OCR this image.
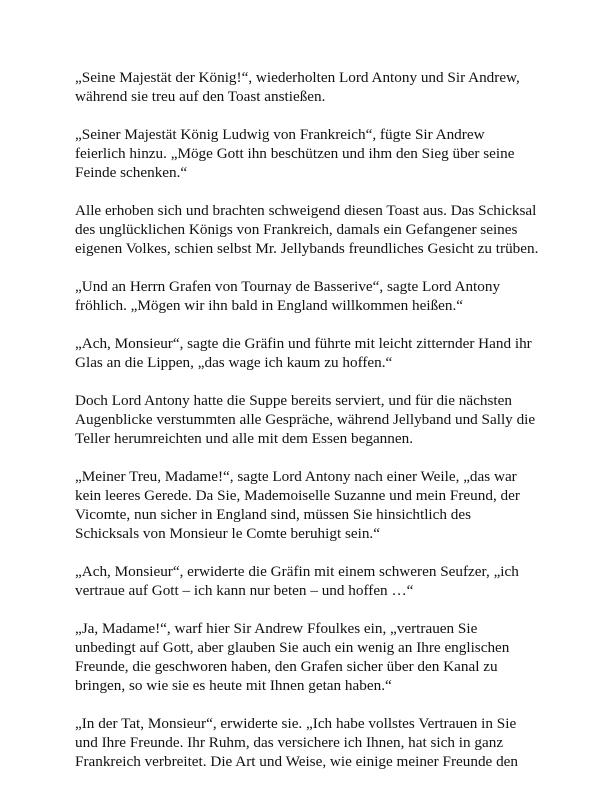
„Seine Majestät der König!“, wiederholten Lord Antony und Sir Andrew,
während sie treu auf den Toast anstießen.

„Seiner Majestät König Ludwig von Frankreich“, fügte Sir Andrew
feierlich hinzu. „Möge Gott ihn beschützen und ihm den Sieg über seine
Feinde schenken.“

Alle erhoben sich und brachten schweigend diesen Toast aus. Das Schicksal
des unglücklichen Königs von Frankreich, damals ein Gefangener seines
eigenen Volkes, schien selbst Mr. Jellybands freundliches Gesicht zu trüben.

„Und an Herrn Grafen von Tournay de Basserive“, sagte Lord Antony
fröhlich. „Mögen wir ihn bald in England willkommen heißen.“

„Ach, Monsieur“, sagte die Gräfin und führte mit leicht zitternder Hand ihr
Glas an die Lippen, „das wage ich kaum zu hoffen.“

Doch Lord Antony hatte die Suppe bereits serviert, und für die nächsten
Augenblicke verstummten alle Gespräche, während Jellyband und Sally die
Teller herumreichten und alle mit dem Essen begannen.

„Meiner Treu, Madame!“, sagte Lord Antony nach einer Weile, „das war
kein leeres Gerede. Da Sie, Mademoiselle Suzanne und mein Freund, der
Vicomte, nun sicher in England sind, müssen Sie hinsichtlich des
Schicksals von Monsieur le Comte beruhigt sein.“

„Ach, Monsieur“, erwiderte die Gräfin mit einem schweren Seufzer, „ich
vertraue auf Gott – ich kann nur beten – und hoffen …“

„Ja, Madame!“, warf hier Sir Andrew Ffoulkes ein, „vertrauen Sie
unbedingt auf Gott, aber glauben Sie auch ein wenig an Ihre englischen
Freunde, die geschworen haben, den Grafen sicher über den Kanal zu
bringen, so wie sie es heute mit Ihnen getan haben.“

„In der Tat, Monsieur“, erwiderte sie. „Ich habe vollstes Vertrauen in Sie
und Ihre Freunde. Ihr Ruhm, das versichere ich Ihnen, hat sich in ganz
Frankreich verbreitet. Die Art und Weise, wie einige meiner Freunde den
